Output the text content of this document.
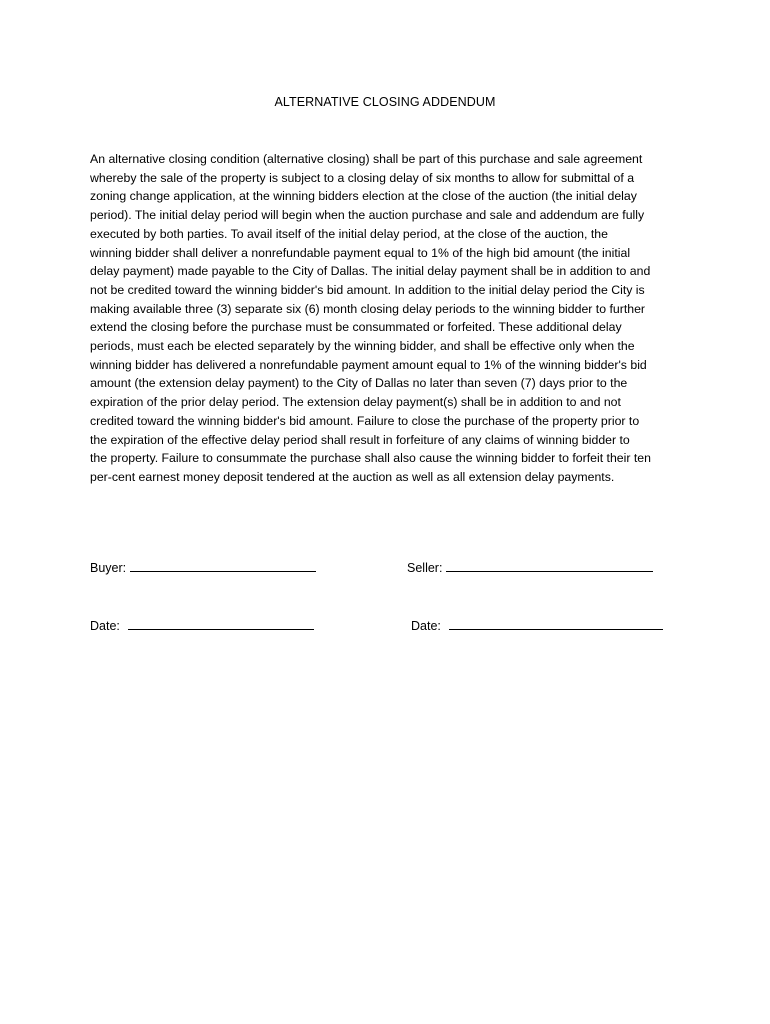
ALTERNATIVE CLOSING ADDENDUM
An alternative closing condition (alternative closing) shall be part of this purchase and sale agreement
whereby the sale of the property is subject to a closing delay of six months to allow for submittal of a
zoning change application, at the winning bidders election at the close of the auction (the initial delay
period). The initial delay period will begin when the auction purchase and sale and addendum are fully
executed by both parties. To avail itself of the initial delay period, at the close of the auction, the
winning bidder shall deliver a nonrefundable payment equal to 1% of the high bid amount (the initial
delay payment) made payable to the City of Dallas. The initial delay payment shall be in addition to and
not be credited toward the winning bidder's bid amount. In addition to the initial delay period the City is
making available three (3) separate six (6) month closing delay periods to the winning bidder to further
extend the closing before the purchase must be consummated or forfeited. These additional delay
periods, must each be elected separately by the winning bidder, and shall be effective only when the
winning bidder has delivered a nonrefundable payment amount equal to 1% of the winning bidder's bid
amount (the extension delay payment) to the City of Dallas no later than seven (7) days prior to the
expiration of the prior delay period. The extension delay payment(s) shall be in addition to and not
credited toward the winning bidder's bid amount. Failure to close the purchase of the property prior to
the expiration of the effective delay period shall result in forfeiture of any claims of winning bidder to
the property. Failure to consummate the purchase shall also cause the winning bidder to forfeit their ten
per-cent earnest money deposit tendered at the auction as well as all extension delay payments.
Buyer:	Seller:
Date:	Date:
